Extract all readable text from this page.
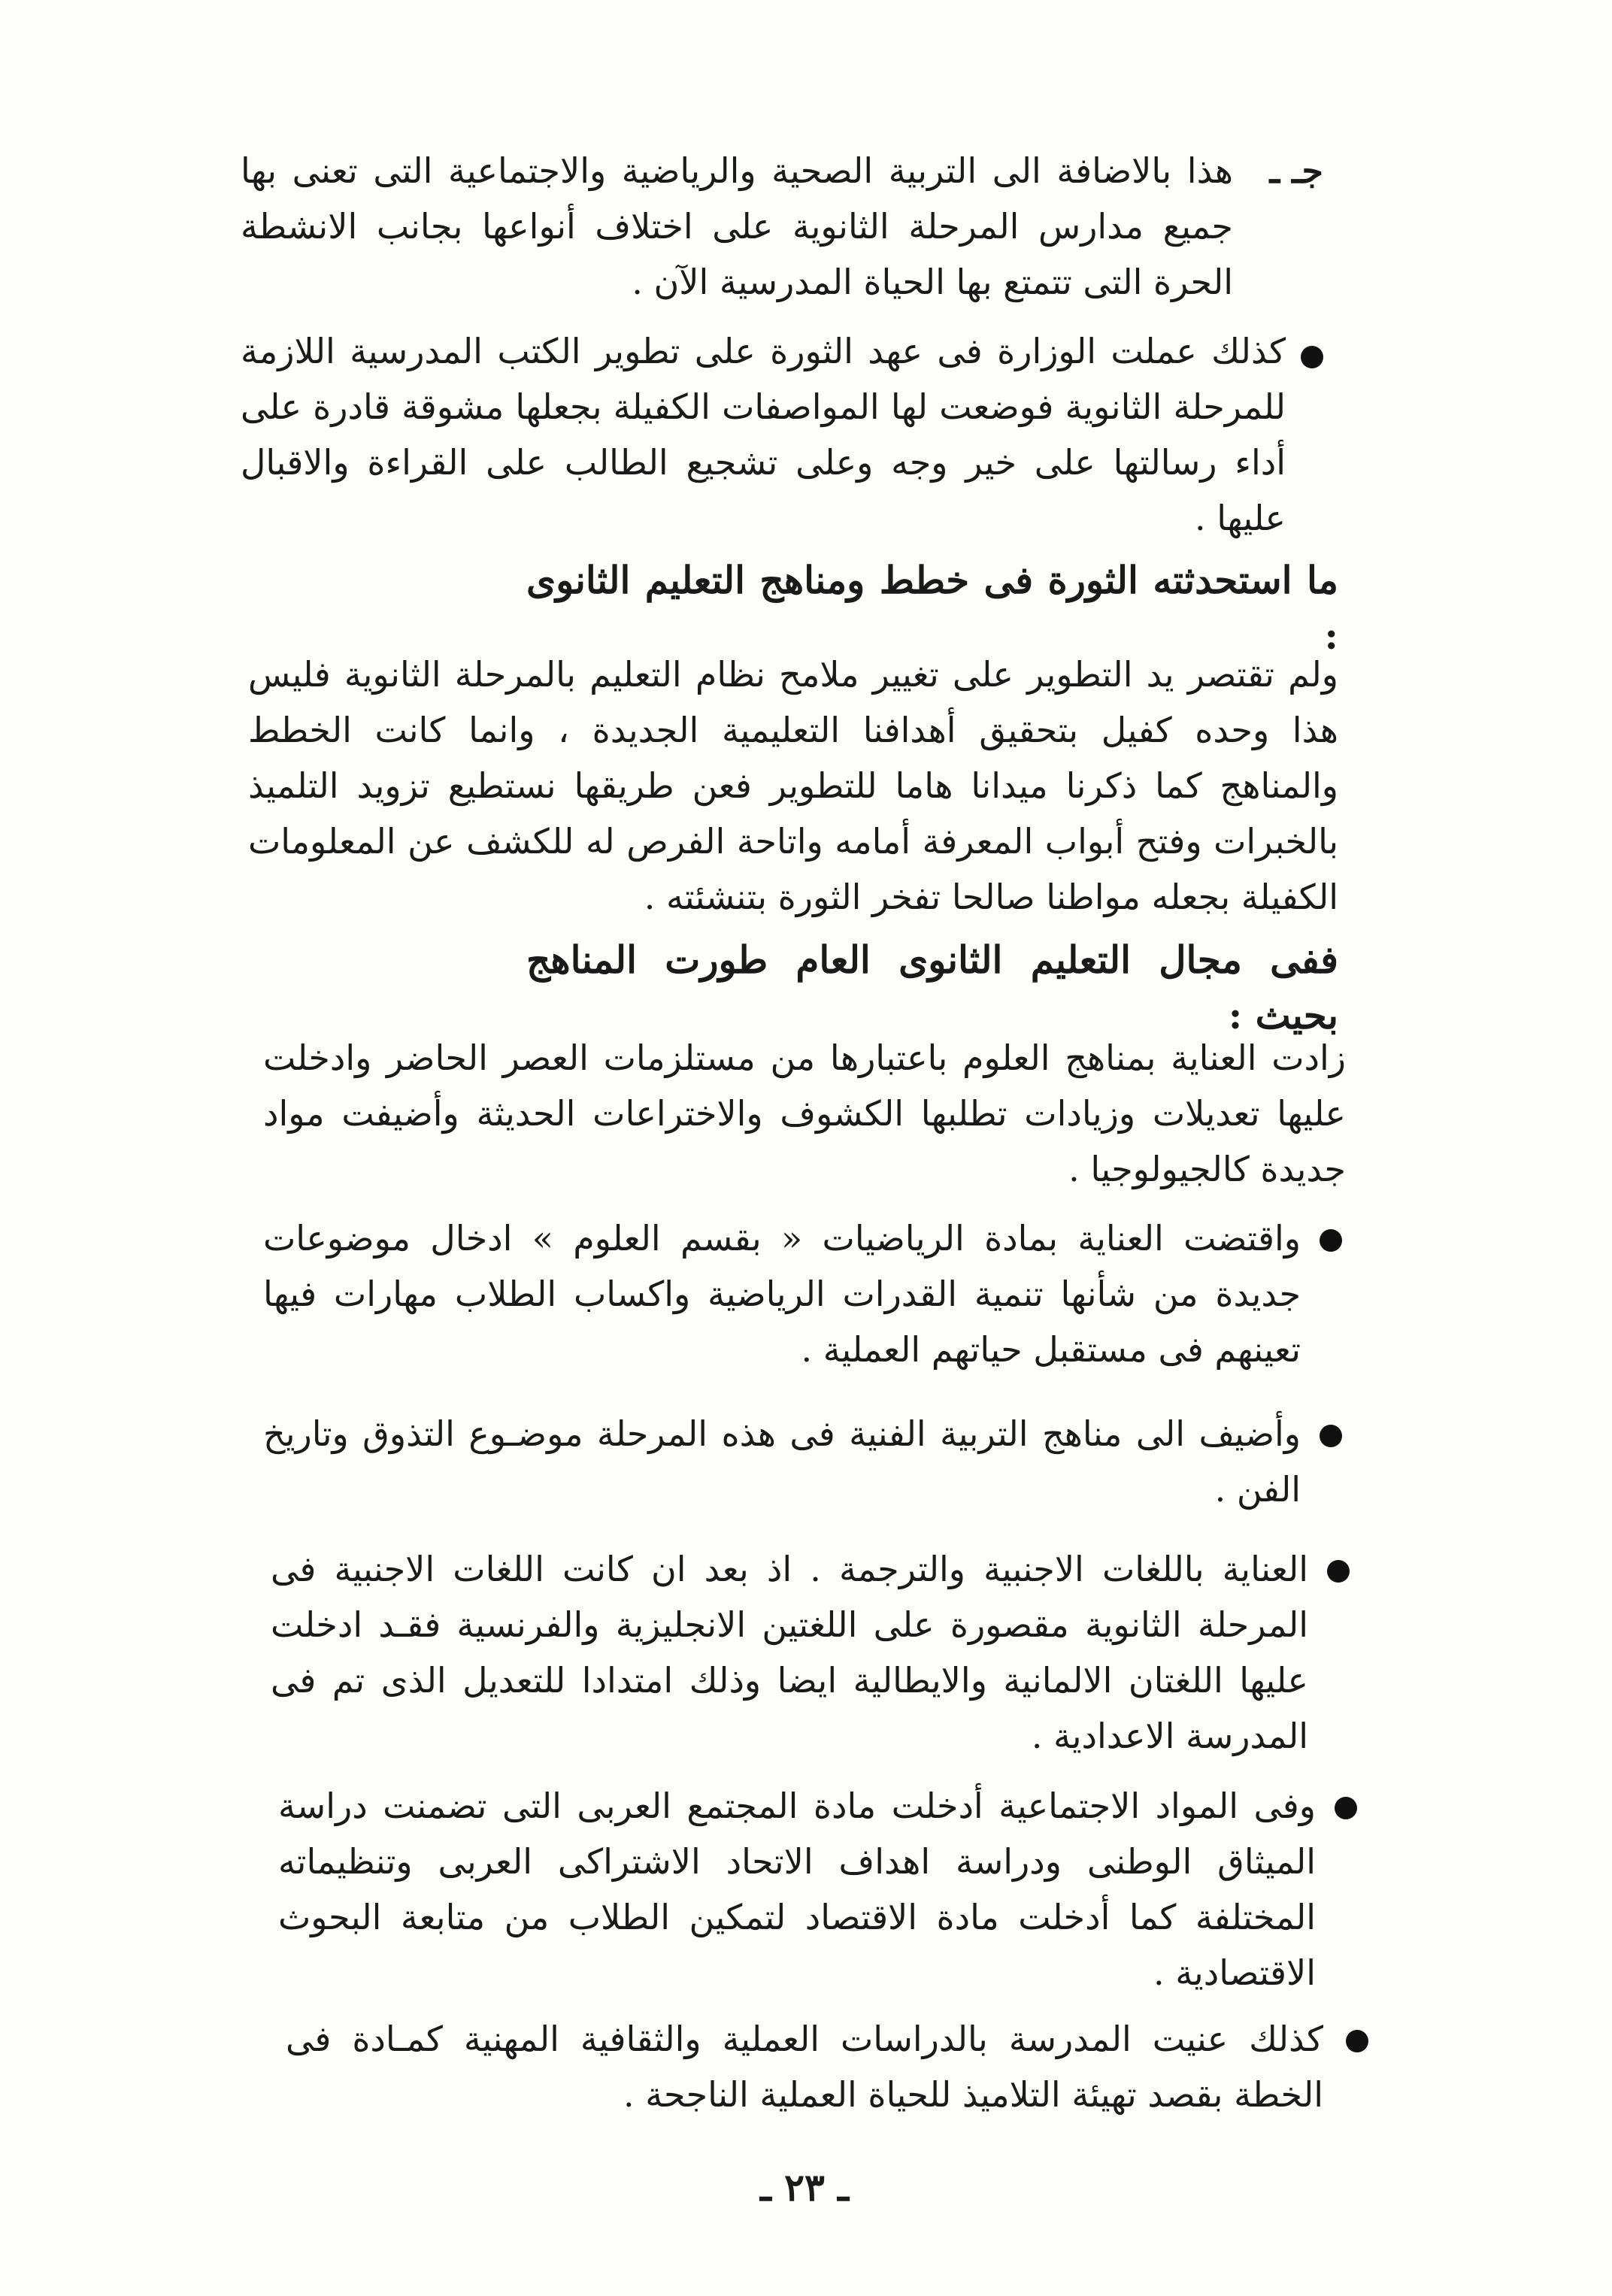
جـ ـ
هذا بالاضافة الى التربية الصحية والرياضية والاجتماعية التى تعنى بها جميع مدارس المرحلة الثانوية على اختلاف أنواعها بجانب الانشطة الحرة التى تتمتع بها الحياة المدرسية الآن .
كذلك عملت الوزارة فى عهد الثورة على تطوير الكتب المدرسية اللازمة للمرحلة الثانوية فوضعت لها المواصفات الكفيلة بجعلها مشوقة قادرة على أداء رسالتها على خير وجه وعلى تشجيع الطالب على القراءة والاقبال عليها .
ما استحدثته الثورة فى خطط ومناهج التعليم الثانوى :
ولم تقتصر يد التطوير على تغيير ملامح نظام التعليم بالمرحلة الثانوية فليس هذا وحده كفيل بتحقيق أهدافنا التعليمية الجديدة ، وانما كانت الخطط والمناهج كما ذكرنا ميدانا هاما للتطوير فعن طريقها نستطيع تزويد التلميذ بالخبرات وفتح أبواب المعرفة أمامه واتاحة الفرص له للكشف عن المعلومات الكفيلة بجعله مواطنا صالحا تفخر الثورة بتنشئته .
ففى مجال التعليم الثانوى العام طورت المناهج بحيث :
زادت العناية بمناهج العلوم باعتبارها من مستلزمات العصر الحاضر وادخلت عليها تعديلات وزيادات تطلبها الكشوف والاختراعات الحديثة وأضيفت مواد جديدة كالجيولوجيا .
واقتضت العناية بمادة الرياضيات « بقسم العلوم » ادخال موضوعات جديدة من شأنها تنمية القدرات الرياضية واكساب الطلاب مهارات فيها تعينهم فى مستقبل حياتهم العملية .
وأضيف الى مناهج التربية الفنية فى هذه المرحلة موضـوع التذوق وتاريخ الفن .
العناية باللغات الاجنبية والترجمة . اذ بعد ان كانت اللغات الاجنبية فى المرحلة الثانوية مقصورة على اللغتين الانجليزية والفرنسية فقـد ادخلت عليها اللغتان الالمانية والايطالية ايضا وذلك امتدادا للتعديل الذى تم فى المدرسة الاعدادية .
وفى المواد الاجتماعية أدخلت مادة المجتمع العربى التى تضمنت دراسة الميثاق الوطنى ودراسة اهداف الاتحاد الاشتراكى العربى وتنظيماته المختلفة كما أدخلت مادة الاقتصاد لتمكين الطلاب من متابعة البحوث الاقتصادية .
كذلك عنيت المدرسة بالدراسات العملية والثقافية المهنية كمـادة فى الخطة بقصد تهيئة التلاميذ للحياة العملية الناجحة .
ـ ٢٣ ـ
